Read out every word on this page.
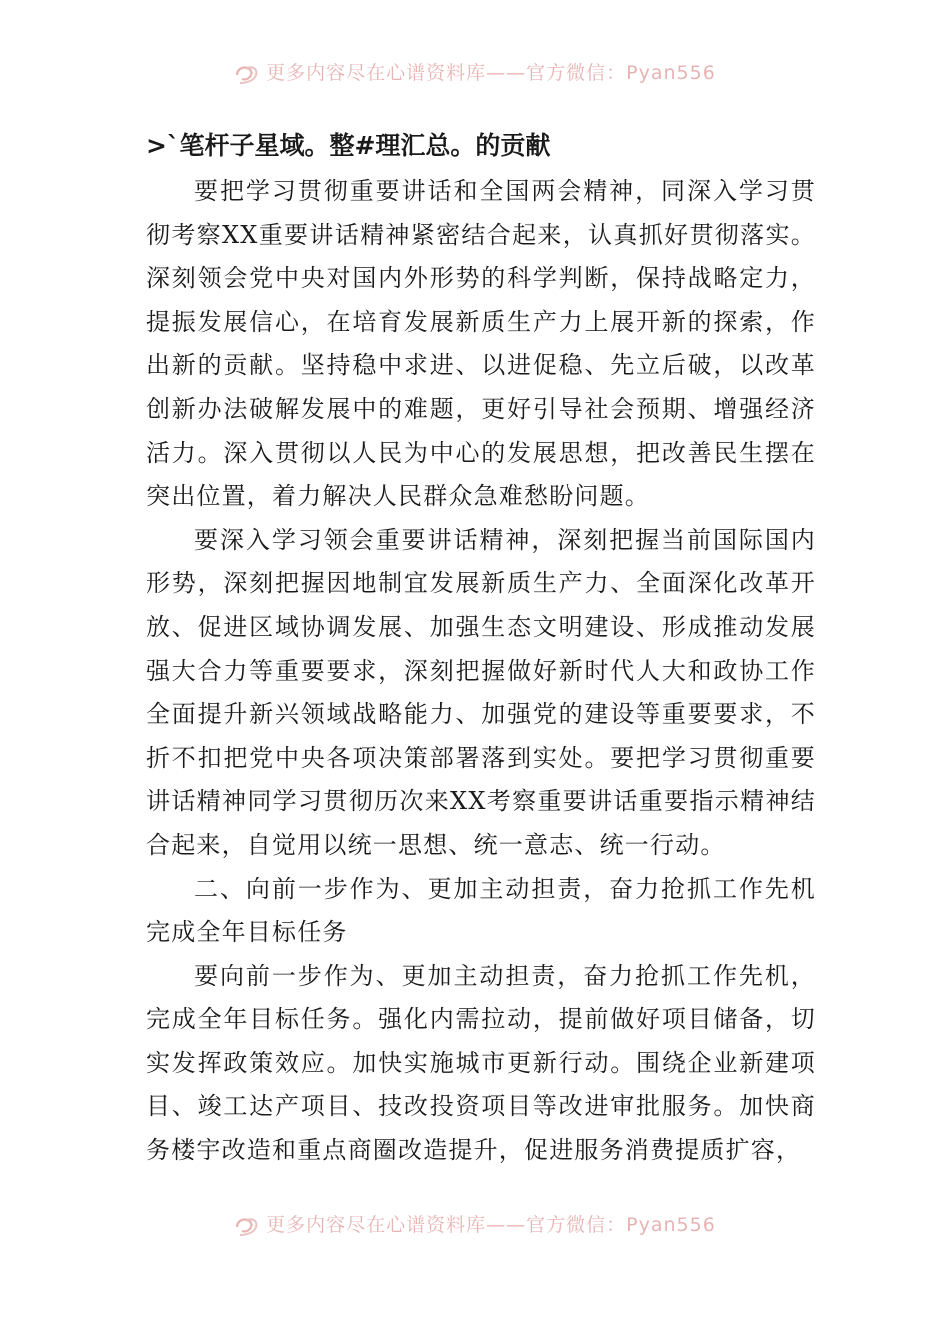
更多内容尽在心谱资料库——官方微信：Pyan556
>`笔杆子星域。整#理汇总。的贡献

要把学习贯彻重要讲话和全国两会精神，同深入学习贯彻考察XX重要讲话精神紧密结合起来，认真抓好贯彻落实。深刻领会党中央对国内外形势的科学判断，保持战略定力，提振发展信心，在培育发展新质生产力上展开新的探索，作出新的贡献。坚持稳中求进、以进促稳、先立后破，以改革创新办法破解发展中的难题，更好引导社会预期、增强经济活力。深入贯彻以人民为中心的发展思想，把改善民生摆在突出位置，着力解决人民群众急难愁盼问题。

要深入学习领会重要讲话精神，深刻把握当前国际国内形势，深刻把握因地制宜发展新质生产力、全面深化改革开放、促进区域协调发展、加强生态文明建设、形成推动发展强大合力等重要要求，深刻把握做好新时代人大和政协工作全面提升新兴领域战略能力、加强党的建设等重要要求，不折不扣把党中央各项决策部署落到实处。要把学习贯彻重要讲话精神同学习贯彻历次来XX考察重要讲话重要指示精神结合起来，自觉用以统一思想、统一意志、统一行动。

二、向前一步作为、更加主动担责，奋力抢抓工作先机完成全年目标任务

要向前一步作为、更加主动担责，奋力抢抓工作先机，完成全年目标任务。强化内需拉动，提前做好项目储备，切实发挥政策效应。加快实施城市更新行动。围绕企业新建项目、竣工达产项目、技改投资项目等改进审批服务。加快商务楼宇改造和重点商圈改造提升，促进服务消费提质扩容，

更多内容尽在心谱资料库——官方微信：Pyan556
